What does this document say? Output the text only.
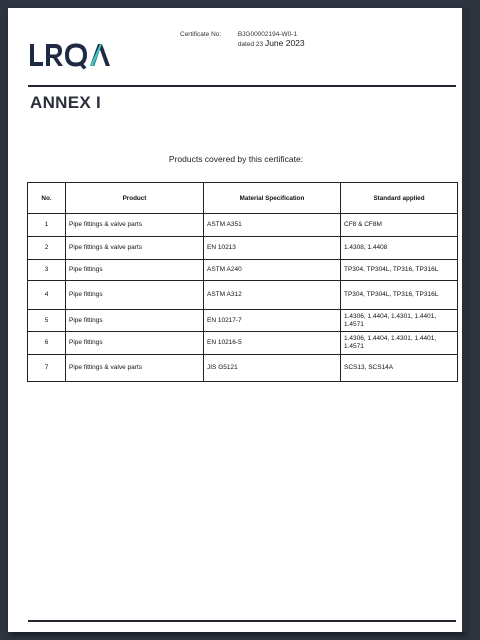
Certificate No:	BJG00002194-W0-1
dated 23 June 2023
ANNEX I
Products covered by this certificate:
No.	Product	Material Specification	Standard applied
1	Pipe fittings & valve parts	ASTM A351	CF8 & CF8M
2	Pipe fittings & valve parts	EN 10213	1.4308, 1.4408
3	Pipe fittings	ASTM A240	TP304, TP304L, TP316, TP316L
4	Pipe fittings	ASTM A312	TP304, TP304L, TP316, TP316L
5	Pipe fittings	EN 10217-7	1.4306, 1.4404, 1.4301, 1.4401, 1.4571
6	Pipe fittings	EN 10216-5	1.4306, 1.4404, 1.4301, 1.4401, 1.4571
7	Pipe fittings & valve parts	JIS G5121	SCS13, SCS14A
